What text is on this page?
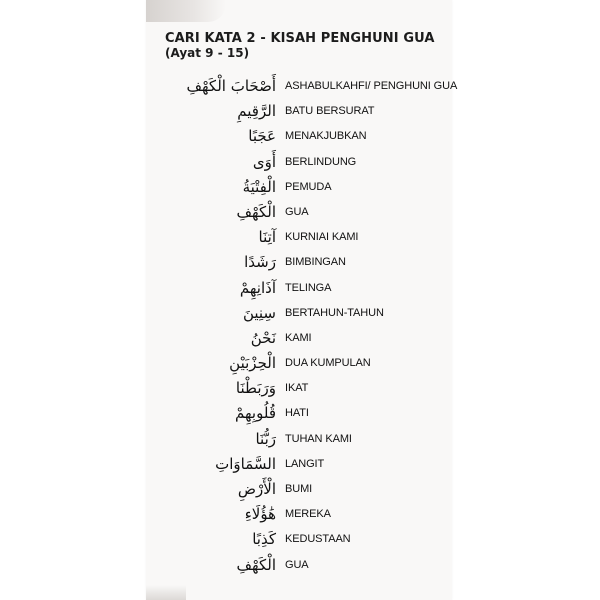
CARI KATA 2 - KISAH PENGHUNI GUA
(Ayat 9 - 15)
أَصْحَابَ الْكَهْفِ ASHABULKAHFI/ PENGHUNI GUA
الرَّقِيمِ BATU BERSURAT
عَجَبًا MENAKJUBKAN
أَوَى BERLINDUNG
الْفِتْيَةُ PEMUDA
الْكَهْفِ GUA
آتِنَا KURNIAI KAMI
رَشَدًا BIMBINGAN
آذَانِهِمْ TELINGA
سِنِينَ BERTAHUN-TAHUN
نَحْنُ KAMI
الْحِزْبَيْنِ DUA KUMPULAN
وَرَبَطْنَا IKAT
قُلُوبِهِمْ HATI
رَبُّنَا TUHAN KAMI
السَّمَاوَاتِ LANGIT
الْأَرْضِ BUMI
هَٰؤُلَاءِ MEREKA
كَذِبًا KEDUSTAAN
الْكَهْفِ GUA
